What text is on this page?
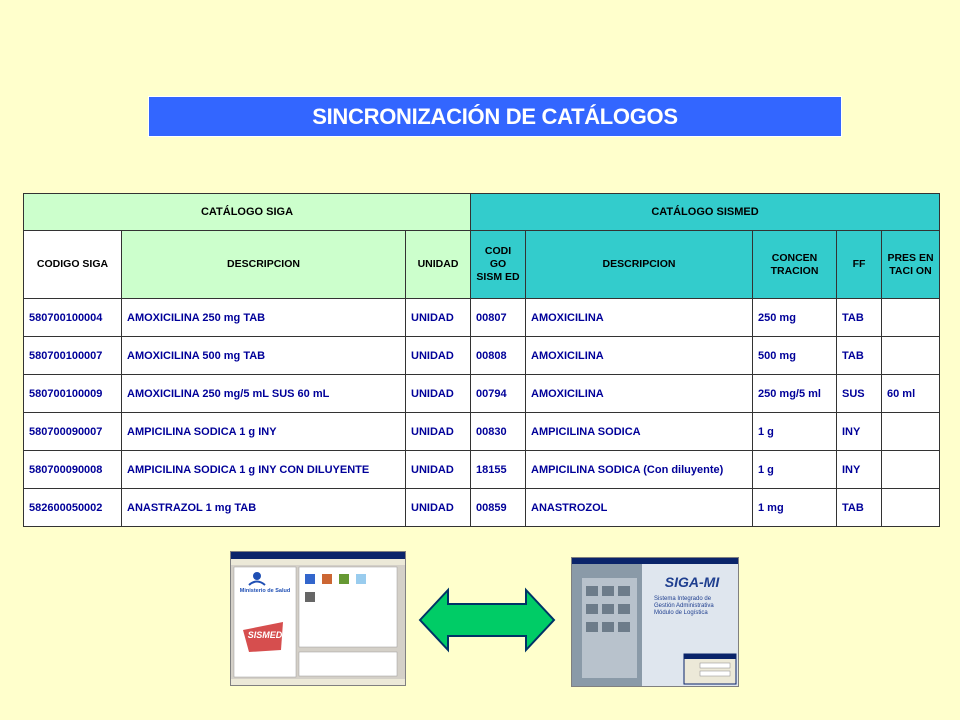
SINCRONIZACIÓN DE CATÁLOGOS
CATÁLOGO SIGA			CATÁLOGO SISMED				
CODIGO SIGA	DESCRIPCION	UNIDAD	CODI GO SISM ED	DESCRIPCION	CONCEN TRACION	FF	PRES EN TACI ON
580700100004	AMOXICILINA 250 mg TAB	UNIDAD	00807	AMOXICILINA	250 mg	TAB	
580700100007	AMOXICILINA 500 mg TAB	UNIDAD	00808	AMOXICILINA	500 mg	TAB	
580700100009	AMOXICILINA 250 mg/5 mL SUS 60 mL	UNIDAD	00794	AMOXICILINA	250 mg/5 ml	SUS	60 ml
580700090007	AMPICILINA SODICA 1 g INY	UNIDAD	00830	AMPICILINA SODICA	1 g	INY	
580700090008	AMPICILINA SODICA 1 g INY CON DILUYENTE	UNIDAD	18155	AMPICILINA SODICA (Con diluyente)	1 g	INY	
582600050002	ANASTRAZOL 1 mg TAB	UNIDAD	00859	ANASTROZOL	1 mg	TAB	
Ministerio de Salud
SISMED
SIGA-MI
Sistema Integrado de
Gestión Administrativa
Módulo de Logística
